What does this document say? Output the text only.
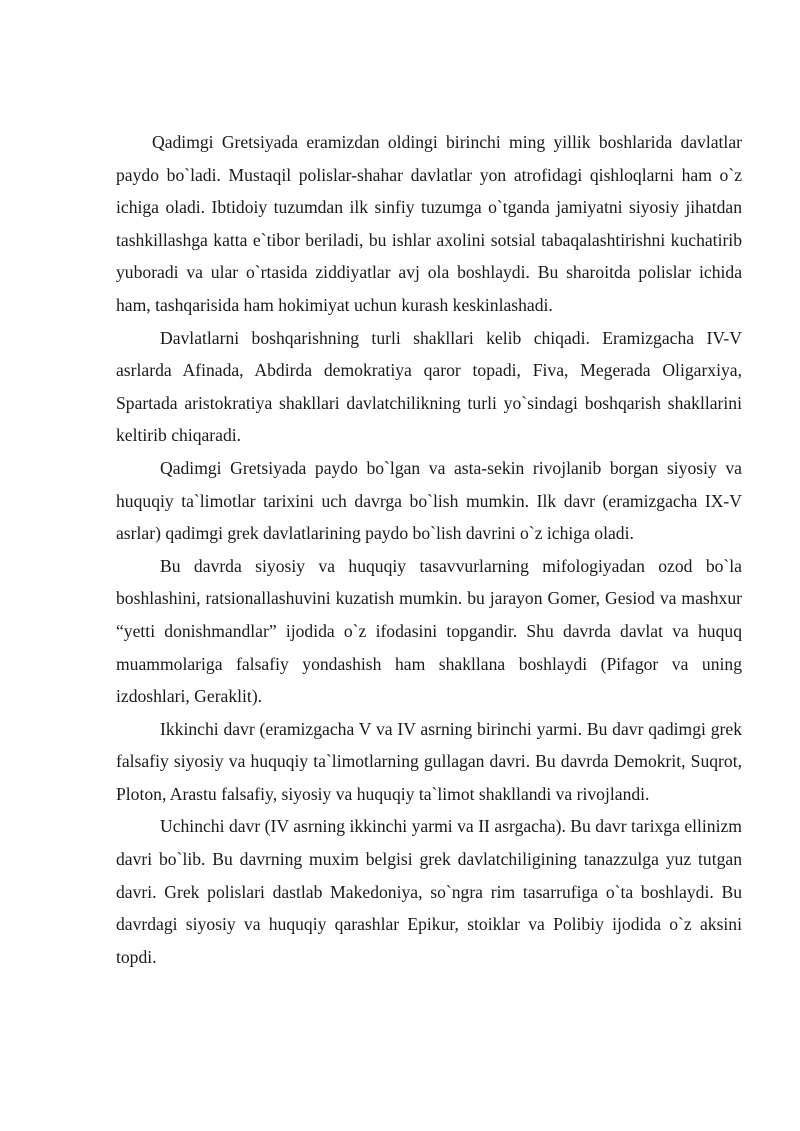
Qadimgi Gretsiyada eramizdan oldingi birinchi ming yillik boshlarida davlatlar paydo bo`ladi. Mustaqil polislar-shahar davlatlar yon atrofidagi qishloqlarni ham o`z ichiga oladi. Ibtidoiy tuzumdan ilk sinfiy tuzumga o`tganda jamiyatni siyosiy jihatdan tashkillashga katta e`tibor beriladi, bu ishlar axolini sotsial tabaqalashtirishni kuchatirib yuboradi va ular o`rtasida ziddiyatlar avj ola boshlaydi. Bu sharoitda polislar ichida ham, tashqarisida ham hokimiyat uchun kurash keskinlashadi.

Davlatlarni boshqarishning turli shakllari kelib chiqadi. Eramizgacha IV-V asrlarda Afinada, Abdirda demokratiya qaror topadi, Fiva, Megerada Oligarxiya, Spartada aristokratiya shakllari davlatchilikning turli yo`sindagi boshqarish shakllarini keltirib chiqaradi.

Qadimgi Gretsiyada paydo bo`lgan va asta-sekin rivojlanib borgan siyosiy va huquqiy ta`limotlar tarixini uch davrga bo`lish mumkin. Ilk davr (eramizgacha IX-V asrlar) qadimgi grek davlatlarining paydo bo`lish davrini o`z ichiga oladi.

Bu davrda siyosiy va huquqiy tasavvurlarning mifologiyadan ozod bo`la boshlashini, ratsionallashuvini kuzatish mumkin. bu jarayon Gomer, Gesiod va mashxur “yetti donishmandlar” ijodida o`z ifodasini topgandir. Shu davrda davlat va huquq muammolariga falsafiy yondashish ham shakllana boshlaydi (Pifagor va uning izdoshlari, Geraklit).

Ikkinchi davr (eramizgacha V va IV asrning birinchi yarmi. Bu davr qadimgi grek falsafiy siyosiy va huquqiy ta`limotlarning gullagan davri. Bu davrda Demokrit, Suqrot, Ploton, Arastu falsafiy, siyosiy va huquqiy ta`limot shakllandi va rivojlandi.

Uchinchi davr (IV asrning ikkinchi yarmi va II asrgacha). Bu davr tarixga ellinizm davri bo`lib. Bu davrning muxim belgisi grek davlatchiligining tanazzulga yuz tutgan davri. Grek polislari dastlab Makedoniya, so`ngra rim tasarrufiga o`ta boshlaydi. Bu davrdagi siyosiy va huquqiy qarashlar Epikur, stoiklar va Polibiy ijodida o`z aksini topdi.
